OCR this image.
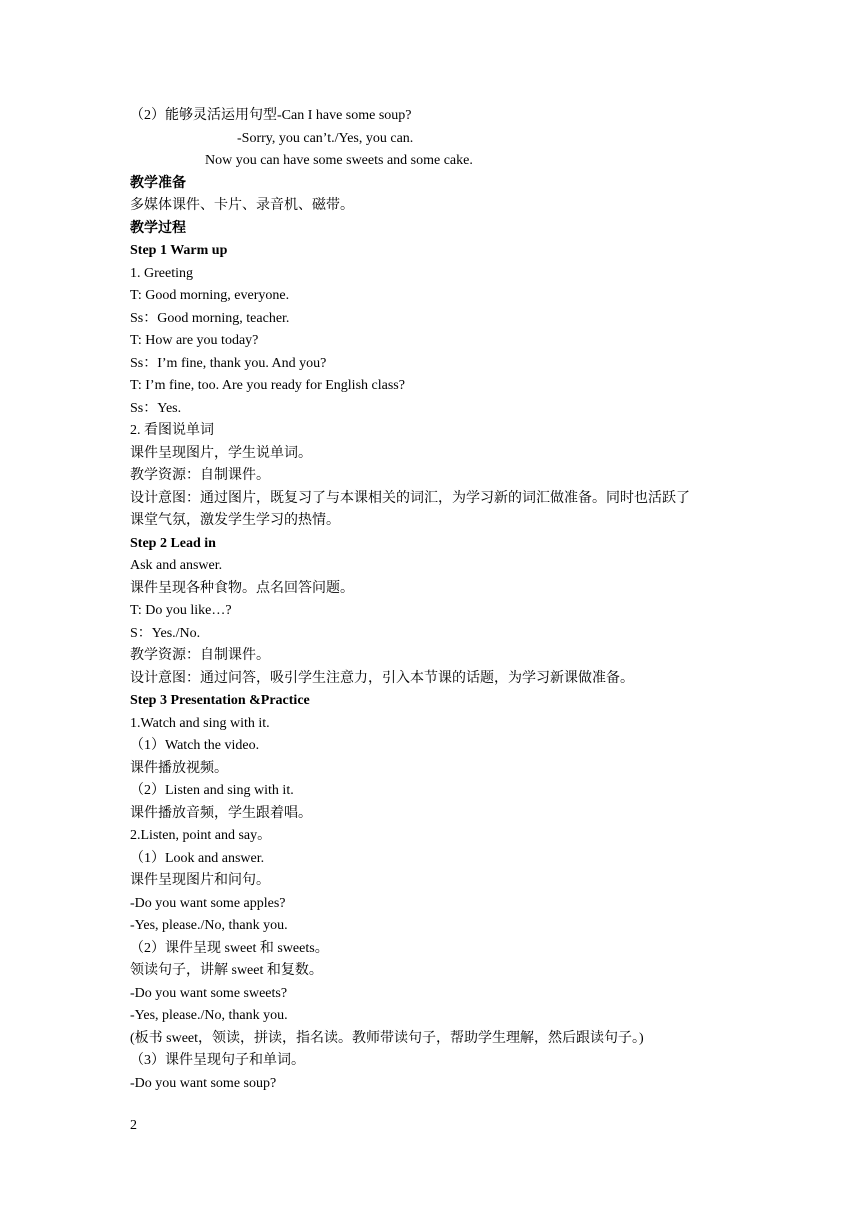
（2）能够灵活运用句型-Can I have some soup?
-Sorry, you can’t./Yes, you can.
Now you can have some sweets and some cake.
教学准备
多媒体课件、卡片、录音机、磁带。
教学过程
Step 1 Warm up
1. Greeting
T: Good morning, everyone.
Ss：Good morning, teacher.
T: How are you today?
Ss：I’m fine, thank you. And you?
T: I’m fine, too. Are you ready for English class?
Ss：Yes.
2. 看图说单词
课件呈现图片，学生说单词。
教学资源：自制课件。
设计意图：通过图片，既复习了与本课相关的词汇，为学习新的词汇做准备。同时也活跃了
课堂气氛，激发学生学习的热情。
Step 2 Lead in
Ask and answer.
课件呈现各种食物。点名回答问题。
T: Do you like…?
S：Yes./No.
教学资源：自制课件。
设计意图：通过问答，吸引学生注意力，引入本节课的话题，为学习新课做准备。
Step 3 Presentation &Practice
1.Watch and sing with it.
（1）Watch the video.
课件播放视频。
（2）Listen and sing with it.
课件播放音频，学生跟着唱。
2.Listen, point and say。
（1）Look and answer.
课件呈现图片和问句。
-Do you want some apples?
-Yes, please./No, thank you.
（2）课件呈现 sweet 和 sweets。
领读句子，讲解 sweet 和复数。
-Do you want some sweets?
-Yes, please./No, thank you.
(板书 sweet，领读，拼读，指名读。教师带读句子，帮助学生理解，然后跟读句子。)
（3）课件呈现句子和单词。
-Do you want some soup?
2
